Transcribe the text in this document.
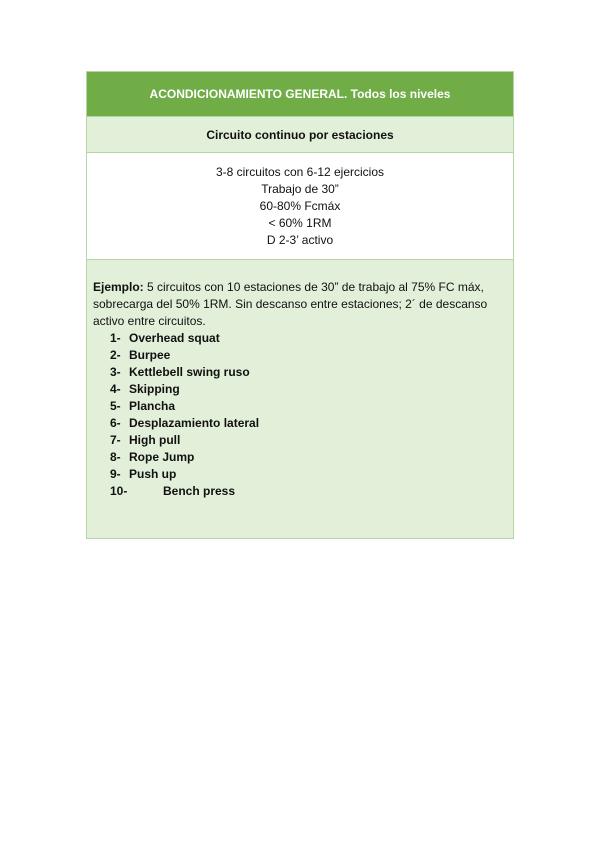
ACONDICIONAMIENTO GENERAL. Todos los niveles
Circuito continuo por estaciones
3-8 circuitos con 6-12 ejercicios
Trabajo de 30”
60-80% Fcmáx
< 60% 1RM
D 2-3’ activo

Ejemplo: 5 circuitos con 10 estaciones de 30” de trabajo al 75% FC máx, sobrecarga del 50% 1RM. Sin descanso entre estaciones; 2´ de descanso activo entre circuitos.

1- Overhead squat
2- Burpee
3- Kettlebell swing ruso
4- Skipping
5- Plancha
6- Desplazamiento lateral
7- High pull
8- Rope Jump
9- Push up
10-	Bench press
